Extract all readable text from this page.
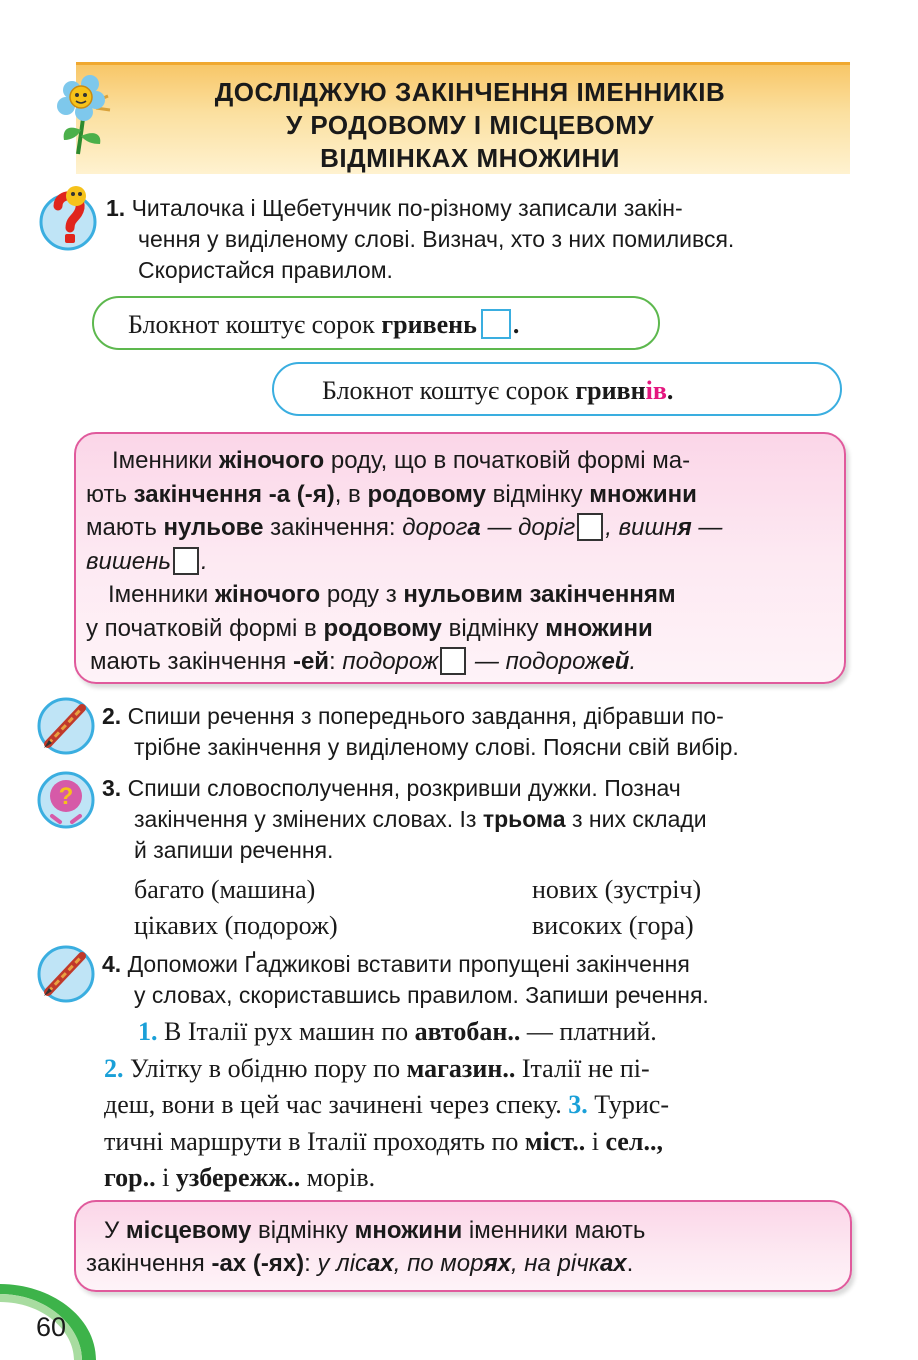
ДОСЛІДЖУЮ ЗАКІНЧЕННЯ ІМЕННИКІВ
У РОДОВОМУ І МІСЦЕВОМУ
ВІДМІНКАХ МНОЖИНИ
1. Читалочка і Щебетунчик по-різному записали закін-
чення у виділеному слові. Визнач, хто з них помилився.
Скористайся правилом.
Блокнот коштує сорок гривень .
Блокнот коштує сорок гривнів.
Іменники жіночого роду, що в початковій формі ма-
ють закінчення -а (-я), в родовому відмінку множини
мають нульове закінчення: дорога — доріг , вишня —
вишень .
Іменники жіночого роду з нульовим закінченням
у початковій формі в родовому відмінку множини
мають закінчення -ей: подорож — подорожей.
2. Спиши речення з попереднього завдання, дібравши по-
трібне закінчення у виділеному слові. Поясни свій вибір.
? 3. Спиши словосполучення, розкривши дужки. Познач
закінчення у змінених словах. Із трьома з них склади
й запиши речення.
багато (машина)	нових (зустріч)
цікавих (подорож)	високих (гора)
4. Допоможи Ґаджикові вставити пропущені закінчення
у словах, скориставшись правилом. Запиши речення.
1. В Італії рух машин по автобан.. — платний.
2. Улітку в обідню пору по магазин.. Італії не пі-
деш, вони в цей час зачинені через спеку. 3. Турис-
тичні маршрути в Італії проходять по міст.. і сел..,
гор.. і узбережж.. морів.
У місцевому відмінку множини іменники мають
закінчення -ах (-ях): у лісах, по морях, на річках.
60
